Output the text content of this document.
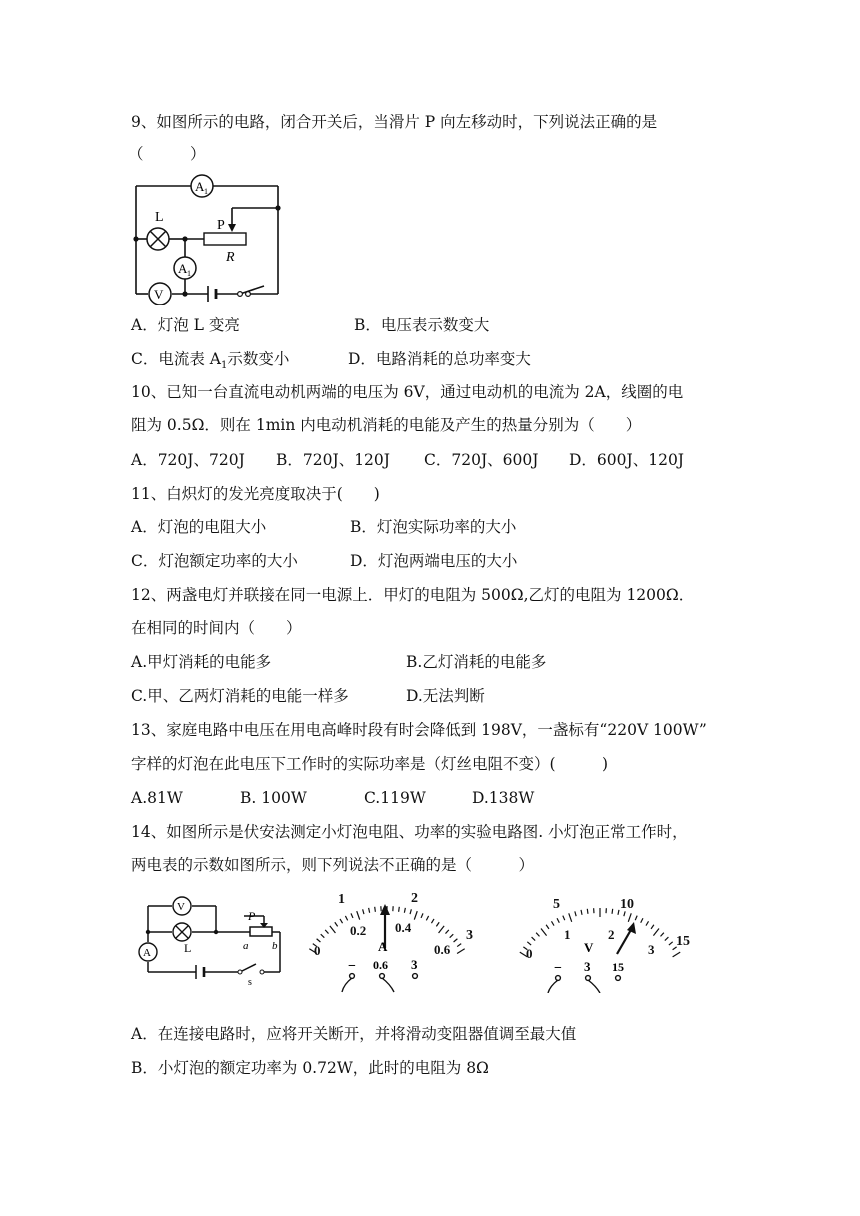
9、如图所示的电路，闭合开关后，当滑片 P 向左移动时，下列说法正确的是
（　　　）
A 1
L
P
R
A 1
V
A．灯泡 L 变亮	B．电压表示数变大
C．电流表 $A_1$示数变小	D．电路消耗的总功率变大
10、已知一台直流电动机两端的电压为 6V，通过电动机的电流为 2A，线圈的电
阻为 0.5Ω．则在 1min 内电动机消耗的电能及产生的热量分别为（　　）
A．720J、720J B．720J、120J C．720J、600J D．600J、120J
11、白炽灯的发光亮度取决于(　　)
A．灯泡的电阻大小	B．灯泡实际功率的大小
C．灯泡额定功率的大小	D．灯泡两端电压的大小
12、两盏电灯并联接在同一电源上．甲灯的电阻为 500Ω,乙灯的电阻为 1200Ω．
在相同的时间内（　　）
A.甲灯消耗的电能多	B.乙灯消耗的电能多
C.甲、乙两灯消耗的电能一样多	D.无法判断
13、家庭电路中电压在用电高峰时段有时会降低到 198V，一盏标有“220V 100W”
字样的灯泡在此电压下工作时的实际功率是（灯丝电阻不变）(　　　)
A.81W	B. 100W	C.119W	D.138W
14、如图所示是伏安法测定小灯泡电阻、功率的实验电路图. 小灯泡正常工作时，
两电表的示数如图所示，则下列说法不正确的是（　　　）
V
L
A
P
a b
s
1	2
3
0
0.2 0.4
0.6
A
− 0.6 3
5	10
15
0
1	2
3
V
− 3 15
A．在连接电路时，应将开关断开，并将滑动变阻器值调至最大值
B．小灯泡的额定功率为 0.72W，此时的电阻为 8Ω
